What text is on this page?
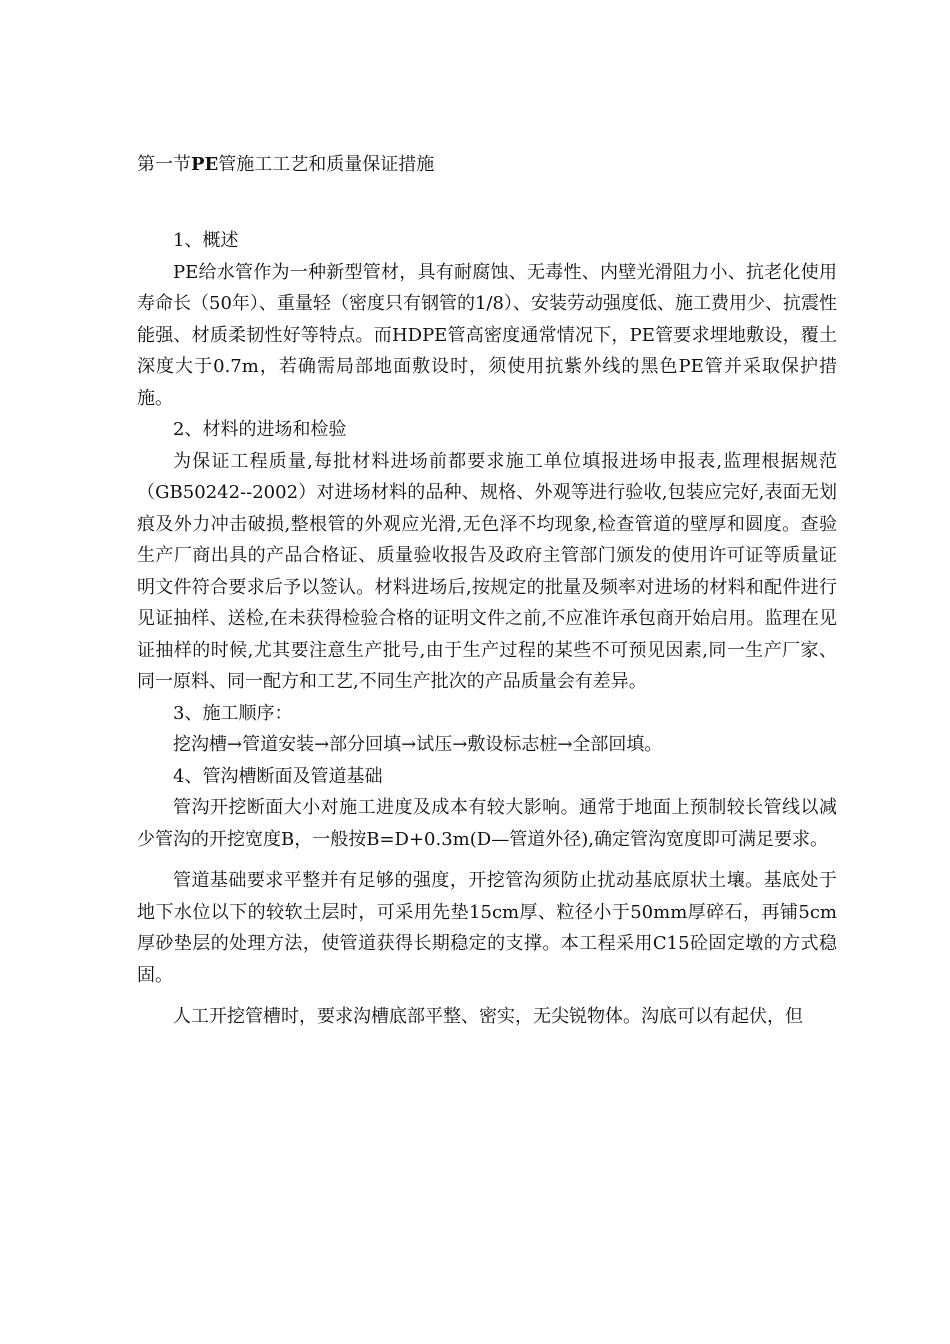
第一节PE管施工工艺和质量保证措施

1、概述

PE给水管作为一种新型管材，具有耐腐蚀、无毒性、内壁光滑阻力小、抗老化使用寿命长（50年）、重量轻（密度只有钢管的1/8）、安装劳动强度低、施工费用少、抗震性能强、材质柔韧性好等特点。而HDPE管高密度通常情况下，PE管要求埋地敷设，覆土深度大于0.7m，若确需局部地面敷设时，须使用抗紫外线的黑色PE管并采取保护措施。

2、材料的进场和检验

为保证工程质量,每批材料进场前都要求施工单位填报进场申报表,监理根据规范（GB50242--2002）对进场材料的品种、规格、外观等进行验收,包装应完好,表面无划痕及外力冲击破损,整根管的外观应光滑,无色泽不均现象,检查管道的壁厚和圆度。查验生产厂商出具的产品合格证、质量验收报告及政府主管部门颁发的使用许可证等质量证明文件符合要求后予以签认。材料进场后,按规定的批量及频率对进场的材料和配件进行见证抽样、送检,在未获得检验合格的证明文件之前,不应准许承包商开始启用。监理在见证抽样的时候,尤其要注意生产批号,由于生产过程的某些不可预见因素,同一生产厂家、同一原料、同一配方和工艺,不同生产批次的产品质量会有差异。

3、施工顺序：

挖沟槽→管道安装→部分回填→试压→敷设标志桩→全部回填。

4、管沟槽断面及管道基础

管沟开挖断面大小对施工进度及成本有较大影响。通常于地面上预制较长管线以减少管沟的开挖宽度B，一般按B=D+0.3m(D—管道外径),确定管沟宽度即可满足要求。

管道基础要求平整并有足够的强度，开挖管沟须防止扰动基底原状土壤。基底处于地下水位以下的较软土层时，可采用先垫15cm厚、粒径小于50mm厚碎石，再铺5cm厚砂垫层的处理方法，使管道获得长期稳定的支撑。本工程采用C15砼固定墩的方式稳固。

人工开挖管槽时，要求沟槽底部平整、密实，无尖锐物体。沟底可以有起伏，但
